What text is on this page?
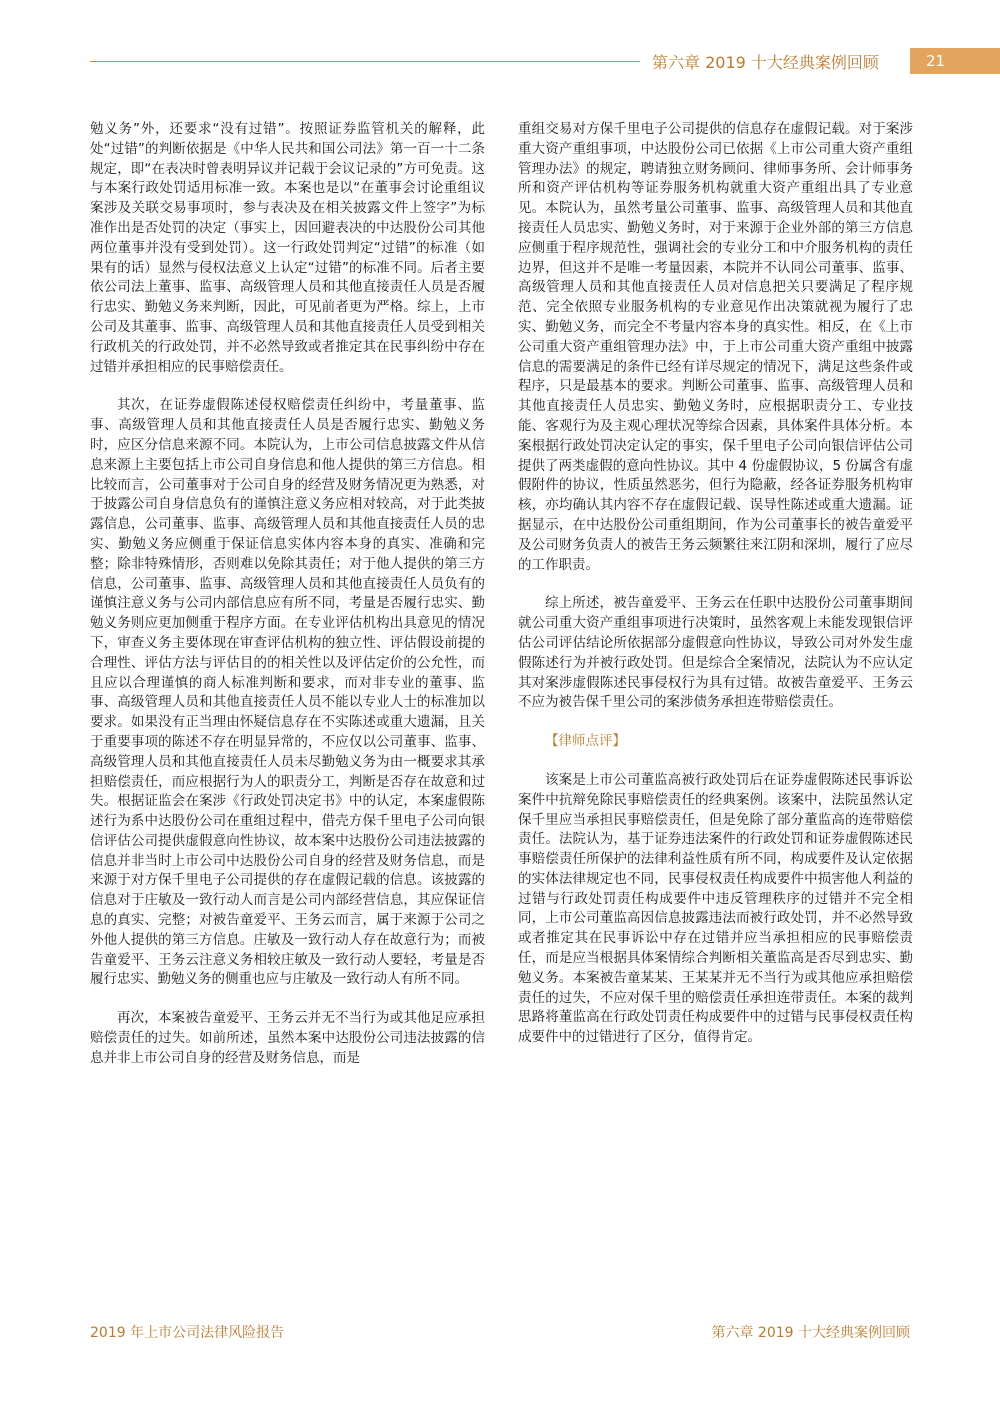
第六章 2019 十大经典案例回顾	21

勉义务”外，还要求“没有过错”。按照证券监管机关的解释，此处“过错”的判断依据是《中华人民共和国公司法》第一百一十二条规定，即“在表决时曾表明异议并记载于会议记录的”方可免责。这与本案行政处罚适用标准一致。本案也是以“在董事会讨论重组议案涉及关联交易事项时，参与表决及在相关披露文件上签字”为标准作出是否处罚的决定（事实上，因回避表决的中达股份公司其他两位董事并没有受到处罚）。这一行政处罚判定“过错”的标准（如果有的话）显然与侵权法意义上认定“过错”的标准不同。后者主要依公司法上董事、监事、高级管理人员和其他直接责任人员是否履行忠实、勤勉义务来判断，因此，可见前者更为严格。综上，上市公司及其董事、监事、高级管理人员和其他直接责任人员受到相关行政机关的行政处罚，并不必然导致或者推定其在民事纠纷中存在过错并承担相应的民事赔偿责任。

其次，在证券虚假陈述侵权赔偿责任纠纷中，考量董事、监事、高级管理人员和其他直接责任人员是否履行忠实、勤勉义务时，应区分信息来源不同。本院认为，上市公司信息披露文件从信息来源上主要包括上市公司自身信息和他人提供的第三方信息。相比较而言，公司董事对于公司自身的经营及财务情况更为熟悉，对于披露公司自身信息负有的谨慎注意义务应相对较高，对于此类披露信息，公司董事、监事、高级管理人员和其他直接责任人员的忠实、勤勉义务应侧重于保证信息实体内容本身的真实、准确和完整；除非特殊情形，否则难以免除其责任；对于他人提供的第三方信息，公司董事、监事、高级管理人员和其他直接责任人员负有的谨慎注意义务与公司内部信息应有所不同，考量是否履行忠实、勤勉义务则应更加侧重于程序方面。在专业评估机构出具意见的情况下，审查义务主要体现在审查评估机构的独立性、评估假设前提的合理性、评估方法与评估目的的相关性以及评估定价的公允性，而且应以合理谨慎的商人标准判断和要求，而对非专业的董事、监事、高级管理人员和其他直接责任人员不能以专业人士的标准加以要求。如果没有正当理由怀疑信息存在不实陈述或重大遗漏，且关于重要事项的陈述不存在明显异常的，不应仅以公司董事、监事、高级管理人员和其他直接责任人员未尽勤勉义务为由一概要求其承担赔偿责任，而应根据行为人的职责分工，判断是否存在故意和过失。根据证监会在案涉《行政处罚决定书》中的认定，本案虚假陈述行为系中达股份公司在重组过程中，借壳方保千里电子公司向银信评估公司提供虚假意向性协议，故本案中达股份公司违法披露的信息并非当时上市公司中达股份公司自身的经营及财务信息，而是来源于对方保千里电子公司提供的存在虚假记载的信息。该披露的信息对于庄敏及一致行动人而言是公司内部经营信息，其应保证信息的真实、完整；对被告童爱平、王务云而言，属于来源于公司之外他人提供的第三方信息。庄敏及一致行动人存在故意行为；而被告童爱平、王务云注意义务相较庄敏及一致行动人要轻，考量是否履行忠实、勤勉义务的侧重也应与庄敏及一致行动人有所不同。

再次，本案被告童爱平、王务云并无不当行为或其他足应承担赔偿责任的过失。如前所述，虽然本案中达股份公司违法披露的信息并非上市公司自身的经营及财务信息，而是

重组交易对方保千里电子公司提供的信息存在虚假记载。对于案涉重大资产重组事项，中达股份公司已依据《上市公司重大资产重组管理办法》的规定，聘请独立财务顾问、律师事务所、会计师事务所和资产评估机构等证券服务机构就重大资产重组出具了专业意见。本院认为，虽然考量公司董事、监事、高级管理人员和其他直接责任人员忠实、勤勉义务时，对于来源于企业外部的第三方信息应侧重于程序规范性，强调社会的专业分工和中介服务机构的责任边界，但这并不是唯一考量因素，本院并不认同公司董事、监事、高级管理人员和其他直接责任人员对信息把关只要满足了程序规范、完全依照专业服务机构的专业意见作出决策就视为履行了忠实、勤勉义务，而完全不考量内容本身的真实性。相反，在《上市公司重大资产重组管理办法》中，于上市公司重大资产重组中披露信息的需要满足的条件已经有详尽规定的情况下，满足这些条件或程序，只是最基本的要求。判断公司董事、监事、高级管理人员和其他直接责任人员忠实、勤勉义务时，应根据职责分工、专业技能、客观行为及主观心理状况等综合因素，具体案件具体分析。本案根据行政处罚决定认定的事实，保千里电子公司向银信评估公司提供了两类虚假的意向性协议。其中 4 份虚假协议，5 份属含有虚假附件的协议，性质虽然恶劣，但行为隐蔽，经各证券服务机构审核，亦均确认其内容不存在虚假记载、误导性陈述或重大遗漏。证据显示，在中达股份公司重组期间，作为公司董事长的被告童爱平及公司财务负责人的被告王务云频繁往来江阴和深圳，履行了应尽的工作职责。

综上所述，被告童爱平、王务云在任职中达股份公司董事期间就公司重大资产重组事项进行决策时，虽然客观上未能发现银信评估公司评估结论所依据部分虚假意向性协议，导致公司对外发生虚假陈述行为并被行政处罚。但是综合全案情况，法院认为不应认定其对案涉虚假陈述民事侵权行为具有过错。故被告童爱平、王务云不应为被告保千里公司的案涉债务承担连带赔偿责任。

【律师点评】

该案是上市公司董监高被行政处罚后在证券虚假陈述民事诉讼案件中抗辩免除民事赔偿责任的经典案例。该案中，法院虽然认定保千里应当承担民事赔偿责任，但是免除了部分董监高的连带赔偿责任。法院认为，基于证券违法案件的行政处罚和证券虚假陈述民事赔偿责任所保护的法律利益性质有所不同，构成要件及认定依据的实体法律规定也不同，民事侵权责任构成要件中损害他人利益的过错与行政处罚责任构成要件中违反管理秩序的过错并不完全相同，上市公司董监高因信息披露违法而被行政处罚，并不必然导致或者推定其在民事诉讼中存在过错并应当承担相应的民事赔偿责任，而是应当根据具体案情综合判断相关董监高是否尽到忠实、勤勉义务。本案被告童某某、王某某并无不当行为或其他应承担赔偿责任的过失，不应对保千里的赔偿责任承担连带责任。本案的裁判思路将董监高在行政处罚责任构成要件中的过错与民事侵权责任构成要件中的过错进行了区分，值得肯定。

2019 年上市公司法律风险报告	第六章 2019 十大经典案例回顾
